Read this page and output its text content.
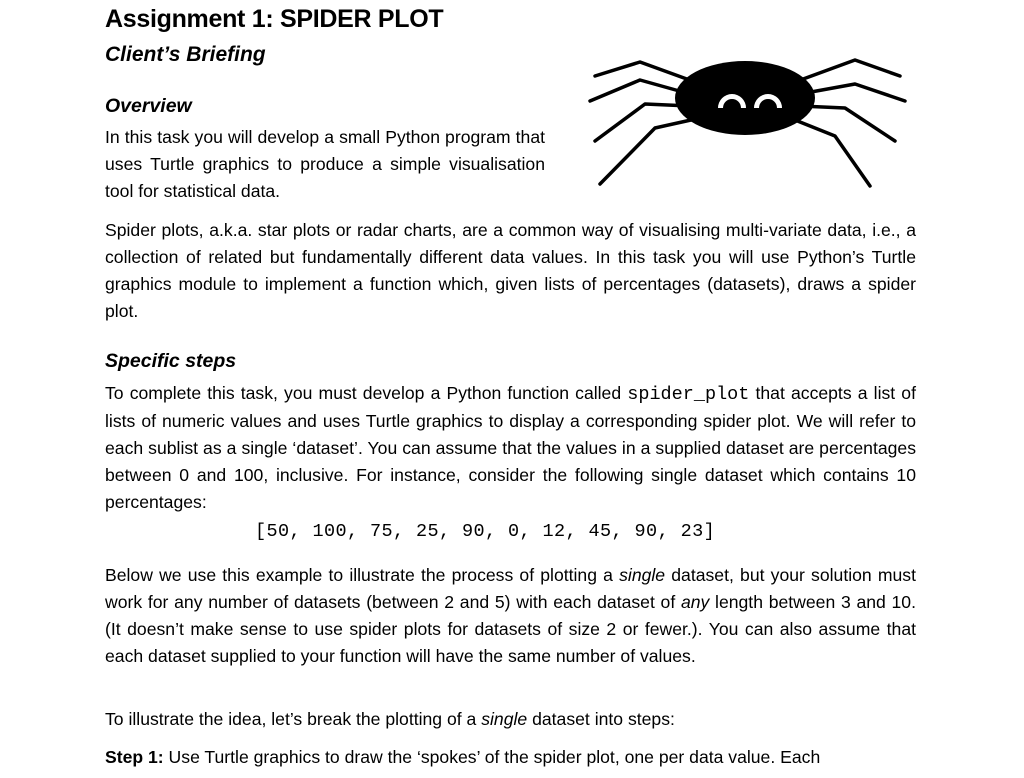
Assignment 1: SPIDER PLOT

Client’s Briefing

Overview

In this task you will develop a small Python program that uses Turtle graphics to produce a simple visualisation tool for statistical data.

Spider plots, a.k.a. star plots or radar charts, are a common way of visualising multi-variate data, i.e., a collection of related but fundamentally different data values. In this task you will use Python’s Turtle graphics module to implement a function which, given lists of percentages (datasets), draws a spider plot.

Specific steps

To complete this task, you must develop a Python function called spider_plot that accepts a list of lists of numeric values and uses Turtle graphics to display a corresponding spider plot. We will refer to each sublist as a single ‘dataset’. You can assume that the values in a supplied dataset are percentages between 0 and 100, inclusive. For instance, consider the following single dataset which contains 10 percentages:

[50, 100, 75, 25, 90, 0, 12, 45, 90, 23]

Below we use this example to illustrate the process of plotting a single dataset, but your solution must work for any number of datasets (between 2 and 5) with each dataset of any length between 3 and 10. (It doesn’t make sense to use spider plots for datasets of size 2 or fewer.). You can also assume that each dataset supplied to your function will have the same number of values.

To illustrate the idea, let’s break the plotting of a single dataset into steps:

Step 1: Use Turtle graphics to draw the ‘spokes’ of the spider plot, one per data value. Each
